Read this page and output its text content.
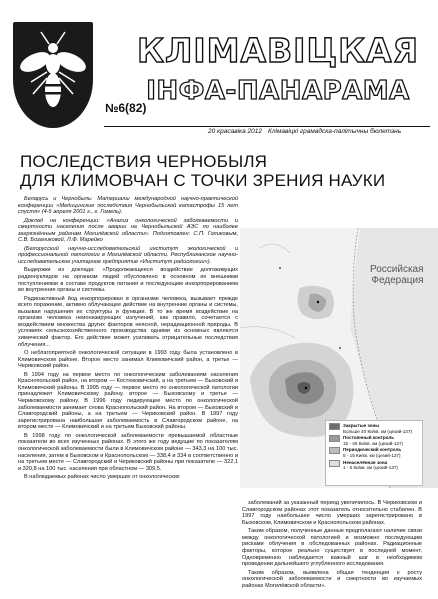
КЛІМАВІЦКАЯ
ІНФА-ПАНАРАМА
№6(82)
20 красавіка 2012 Клімавіцкі грамадска-палітычны бюлетэнь
ПОСЛЕДСТВИЯ ЧЕРНОБЫЛЯ
ДЛЯ КЛИМОВЧАН С ТОЧКИ ЗРЕНИЯ НАУКИ

Беларусь и Чернобыль: Материалы международной научно-практической конференции «Медицинские последствия Чернобыльской катастрофы 15 лет спустя» (4-5 апреля 2001 г., г. Гомель).

Доклад на конференции: «Анализ онкологической заболеваемости и смертности населения после аварии на Чернобыльской АЭС по наиболее загрязнённым районам Могилёвской области». Подготовлен: С.П. Голиковым, С.В. Бозаниковой, Л.Ф. Марейко

(Белорусский научно-исследовательский институт экологической и профессиональной патологии в Могилёвской области. Республиканское научно-исследовательское унитарное предприятие «Институт радиологии»).

Выдержки из доклада: «Продолжающееся воздействие долгоживущих радионуклидов на организм людей обусловлено в основном их внешними поступлениями в составе продуктов питания и последующим инкорпорированием во внутренние органы и системы.

Радиоактивный йод инкорпорирован в организме человека, вызывает прежде всего поражение, активно облучающее действие на внутренние органы и системы, вызывая нарушения их структуры и функции. В то же время воздействие на организм человека неионизирующих излучений, как правило, сочетается с воздействием множества других факторов неясной, нерадиационной природы. В условиях сельскохозяйственного производства одними из основных являются химический фактор. Его действие может усиливать отрицательные последствия облучения...

О неблагоприятной онкологической ситуации в 1993 году была установлено в Климовичском районе. Второе место занимал Климовичский район, а третье — Чериковский район.

В 1994 году на первое место по онкологическим заболеваниям населения Краснопольский район, на втором — Костюковичский, а на третьем — Быховский и Климовичский районы. В 1995 году — первое место по онкологической патологии принадлежит Климовичскому району, второе — Быховскому и третье — Чериковскому району. В 1996 году лидирующее место по онкологической заболеваемости занимает снова Краснопольский район. На втором — Быховский и Славгородский районы, а на третьем — Чериковский район. В 1997 году зарегистрирована наибольшая заболеваемость в Славгородском районе, на втором месте — Климовичский и на третьем Быховский районы.

В 1998 году по онкологической заболеваемости превышаемой областные показатели во всех изученных районах. В этого же году ведущие по показателям онкологической заболеваемости были в Климовичском районе — 343,3 на 100 тыс. населения, затем в Быховском и Краснопольском — 338,4 и 334 в соответственно и на третьем месте — Славгородский и Чериковский районы при показателе — 322,1 и 320,8 на 100 тыс. населения при областном — 309,5.

В наблюдаемых районах число умерших от онкологических

Российская
Федерация
Закрытые зоны
Больше 40 Ки/кв. км (цезий-137)
Постоянный контроль
15 - 40 Ки/кв. км (цезий-137)
Периодический контроль
5 - 15 Ки/кв. км (цезий-137)
Ненаселённая зона
1 - 5 Ки/кв. км (цезий-137)

заболеваний за указанный период увеличилось. В Чериковском и Славгородском районах этот показатель относительно стабилен. В 1997 году наибольшее число умерших зарегистрировано в Быховском, Климовичском и Краснопольском районах.

Таким образом, полученные данные предполагают наличие связи между онкологической патологией и возможно последующим рисками облучения в обследованных районах. Радиационные факторы, которое реально существует в последней момент. Одновременно наблюдается важный шаг в необходимом проведении дальнейшего углубленного исследования.

Таким образом, выявлена общая тенденция к росту онкологической заболеваемости и смертности во изучаемых районах Могилёвской области».
